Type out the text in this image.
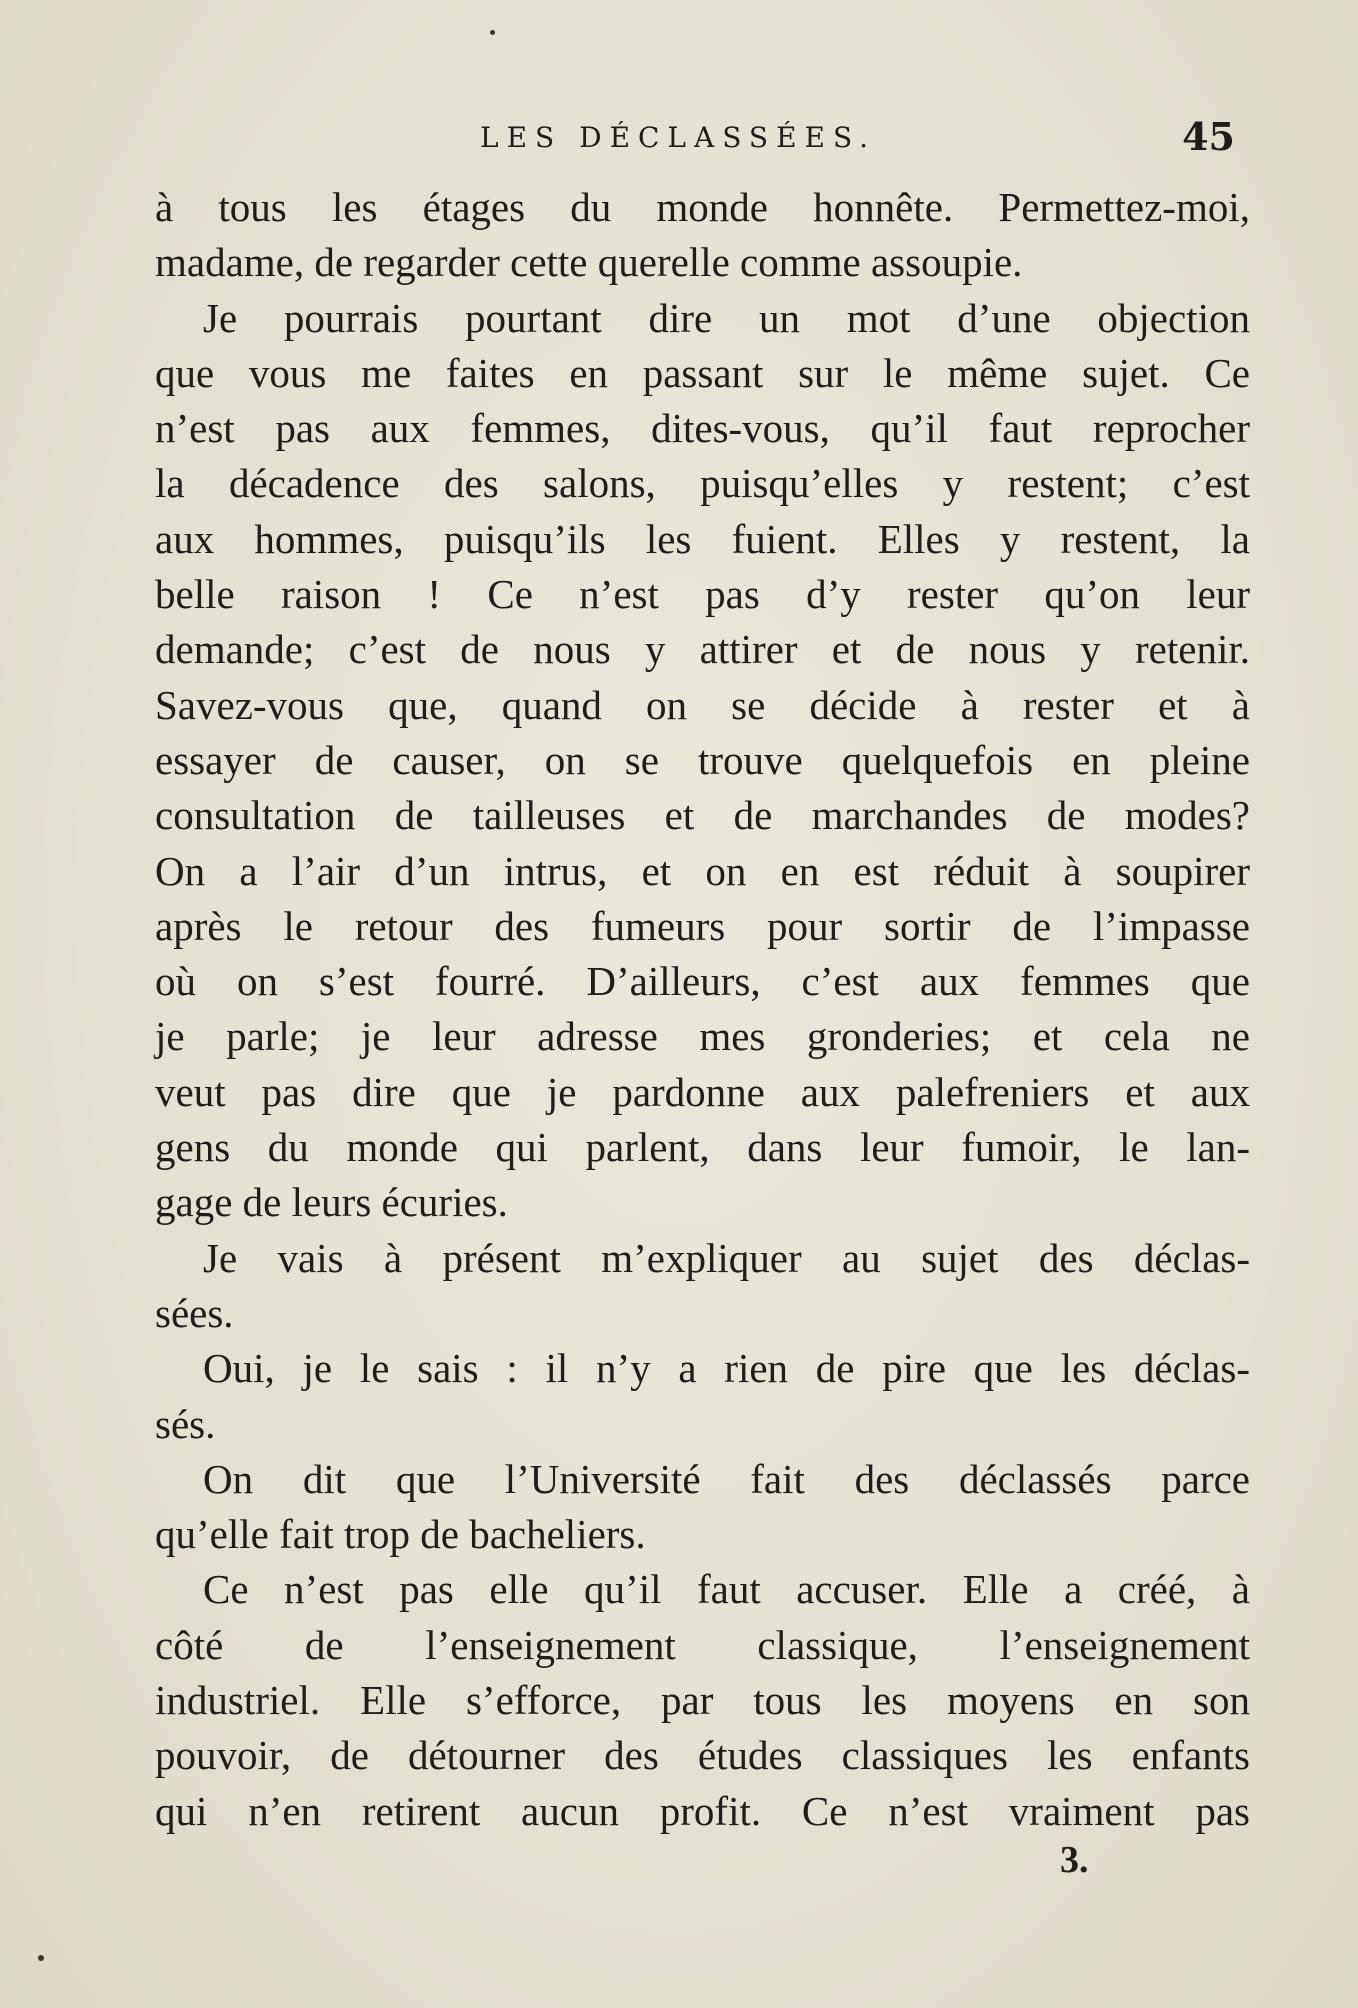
LES DÉCLASSÉES.	45
à tous les étages du monde honnête. Permettez-moi,
madame, de regarder cette querelle comme assoupie.
Je pourrais pourtant dire un mot d’une objection
que vous me faites en passant sur le même sujet. Ce
n’est pas aux femmes, dites-vous, qu’il faut reprocher
la décadence des salons, puisqu’elles y restent; c’est
aux hommes, puisqu’ils les fuient. Elles y restent, la
belle raison ! Ce n’est pas d’y rester qu’on leur
demande; c’est de nous y attirer et de nous y retenir.
Savez-vous que, quand on se décide à rester et à
essayer de causer, on se trouve quelquefois en pleine
consultation de tailleuses et de marchandes de modes?
On a l’air d’un intrus, et on en est réduit à soupirer
après le retour des fumeurs pour sortir de l’impasse
où on s’est fourré. D’ailleurs, c’est aux femmes que
je parle; je leur adresse mes gronderies; et cela ne
veut pas dire que je pardonne aux palefreniers et aux
gens du monde qui parlent, dans leur fumoir, le lan-
gage de leurs écuries.
Je vais à présent m’expliquer au sujet des déclas-
sées.
Oui, je le sais : il n’y a rien de pire que les déclas-
sés.
On dit que l’Université fait des déclassés parce
qu’elle fait trop de bacheliers.
Ce n’est pas elle qu’il faut accuser. Elle a créé, à
côté de l’enseignement classique, l’enseignement
industriel. Elle s’efforce, par tous les moyens en son
pouvoir, de détourner des études classiques les enfants
qui n’en retirent aucun profit. Ce n’est vraiment pas
3.
